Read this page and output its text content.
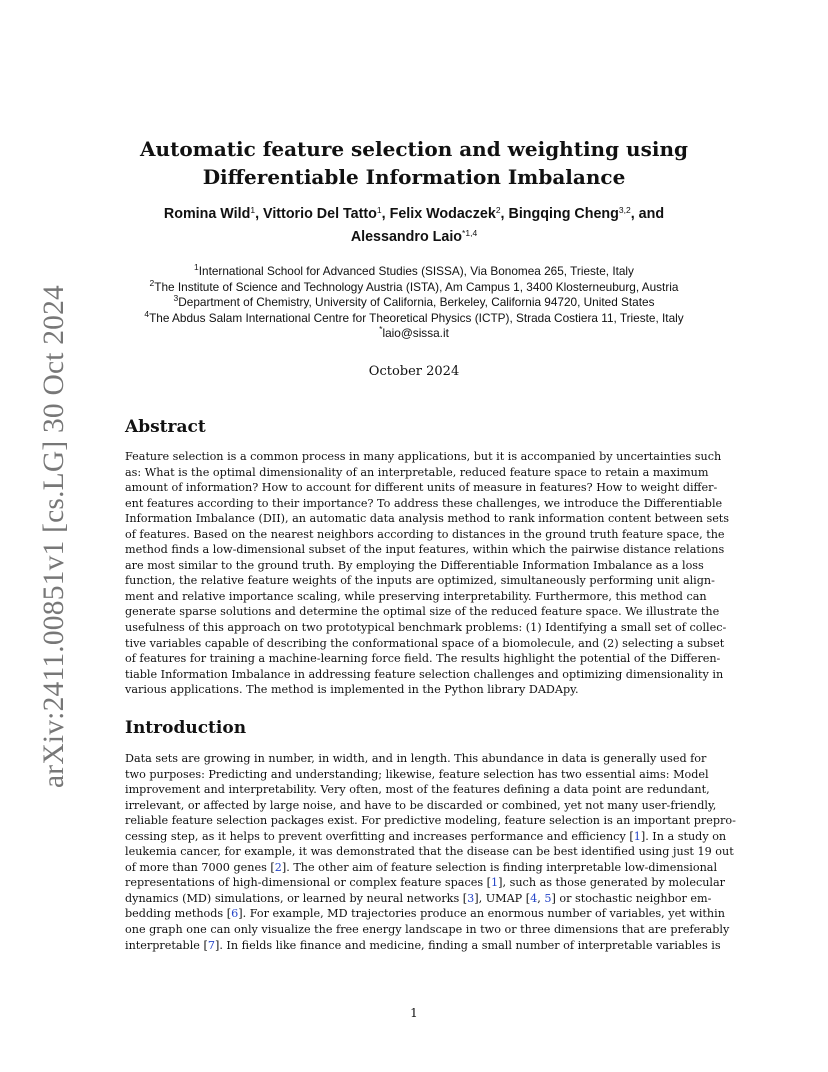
arXiv:2411.00851v1 [cs.LG] 30 Oct 2024
Automatic feature selection and weighting using
Differentiable Information Imbalance
Romina Wild$^1$, Vittorio Del Tatto$^1$, Felix Wodaczek$^2$, Bingqing Cheng$^{3,2}$, and
Alessandro Laio$^{*1,4}$
$^1$International School for Advanced Studies (SISSA), Via Bonomea 265, Trieste, Italy
$^2$The Institute of Science and Technology Austria (ISTA), Am Campus 1, 3400 Klosterneuburg, Austria
$^3$Department of Chemistry, University of California, Berkeley, California 94720, United States
$^4$The Abdus Salam International Centre for Theoretical Physics (ICTP), Strada Costiera 11, Trieste, Italy
*laio@sissa.it
October 2024
Abstract
Feature selection is a common process in many applications, but it is accompanied by uncertainties such
as: What is the optimal dimensionality of an interpretable, reduced feature space to retain a maximum
amount of information? How to account for different units of measure in features? How to weight differ-
ent features according to their importance? To address these challenges, we introduce the Differentiable
Information Imbalance (DII), an automatic data analysis method to rank information content between sets
of features. Based on the nearest neighbors according to distances in the ground truth feature space, the
method finds a low-dimensional subset of the input features, within which the pairwise distance relations
are most similar to the ground truth. By employing the Differentiable Information Imbalance as a loss
function, the relative feature weights of the inputs are optimized, simultaneously performing unit align-
ment and relative importance scaling, while preserving interpretability. Furthermore, this method can
generate sparse solutions and determine the optimal size of the reduced feature space. We illustrate the
usefulness of this approach on two prototypical benchmark problems: (1) Identifying a small set of collec-
tive variables capable of describing the conformational space of a biomolecule, and (2) selecting a subset
of features for training a machine-learning force field. The results highlight the potential of the Differen-
tiable Information Imbalance in addressing feature selection challenges and optimizing dimensionality in
various applications. The method is implemented in the Python library DADApy.
Introduction
Data sets are growing in number, in width, and in length. This abundance in data is generally used for
two purposes: Predicting and understanding; likewise, feature selection has two essential aims: Model
improvement and interpretability. Very often, most of the features defining a data point are redundant,
irrelevant, or affected by large noise, and have to be discarded or combined, yet not many user-friendly,
reliable feature selection packages exist. For predictive modeling, feature selection is an important prepro-
cessing step, as it helps to prevent overfitting and increases performance and efficiency [1]. In a study on
leukemia cancer, for example, it was demonstrated that the disease can be best identified using just 19 out
of more than 7000 genes [2]. The other aim of feature selection is finding interpretable low-dimensional
representations of high-dimensional or complex feature spaces [1], such as those generated by molecular
dynamics (MD) simulations, or learned by neural networks [3], UMAP [4, 5] or stochastic neighbor em-
bedding methods [6]. For example, MD trajectories produce an enormous number of variables, yet within
one graph one can only visualize the free energy landscape in two or three dimensions that are preferably
interpretable [7]. In fields like finance and medicine, finding a small number of interpretable variables is
1
